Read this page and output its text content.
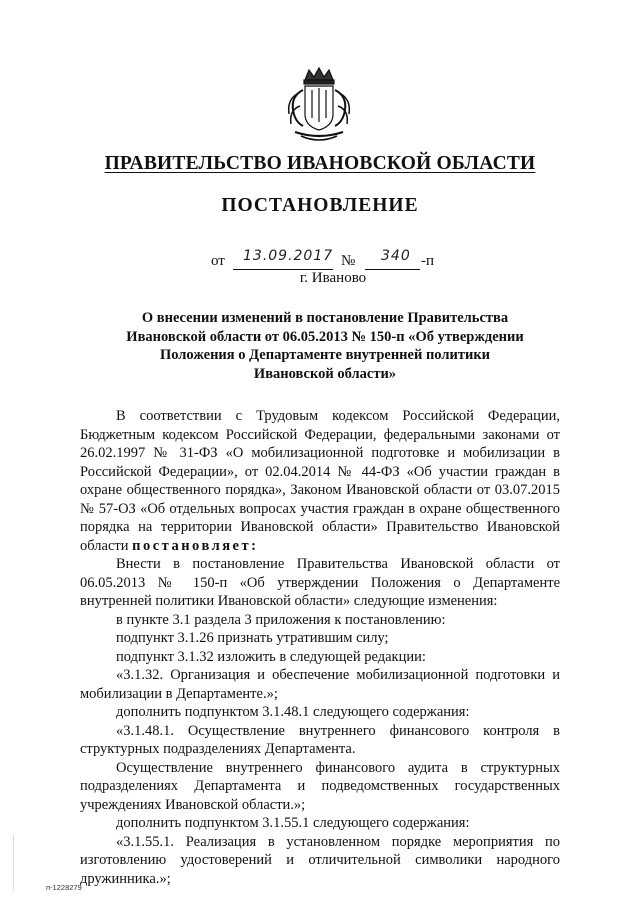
ПРАВИТЕЛЬСТВО ИВАНОВСКОЙ ОБЛАСТИ
ПОСТАНОВЛЕНИЕ
от 13.09.2017 № 340 -п
г. Иваново
О внесении изменений в постановление Правительства
Ивановской области от 06.05.2013 № 150-п «Об утверждении
Положения о Департаменте внутренней политики
Ивановской области»

В соответствии с Трудовым кодексом Российской Федерации, Бюджетным кодексом Российской Федерации, федеральными законами от 26.02.1997 № 31-ФЗ «О мобилизационной подготовке и мобилизации в Российской Федерации», от 02.04.2014 № 44-ФЗ «Об участии граждан в охране общественного порядка», Законом Ивановской области от 03.07.2015 № 57-ОЗ «Об отдельных вопросах участия граждан в охране общественного порядка на территории Ивановской области» Правительство Ивановской области постановляет:

Внести в постановление Правительства Ивановской области от 06.05.2013 № 150-п «Об утверждении Положения о Департаменте внутренней политики Ивановской области» следующие изменения:

в пункте 3.1 раздела 3 приложения к постановлению:

подпункт 3.1.26 признать утратившим силу;

подпункт 3.1.32 изложить в следующей редакции:

«3.1.32. Организация и обеспечение мобилизационной подготовки и мобилизации в Департаменте.»;

дополнить подпунктом 3.1.48.1 следующего содержания:

«3.1.48.1. Осуществление внутреннего финансового контроля в структурных подразделениях Департамента.

Осуществление внутреннего финансового аудита в структурных подразделениях Департамента и подведомственных государственных учреждениях Ивановской области.»;

дополнить подпунктом 3.1.55.1 следующего содержания:

«3.1.55.1. Реализация в установленном порядке мероприятия по изготовлению удостоверений и отличительной символики народного дружинника.»;

п-1228279
